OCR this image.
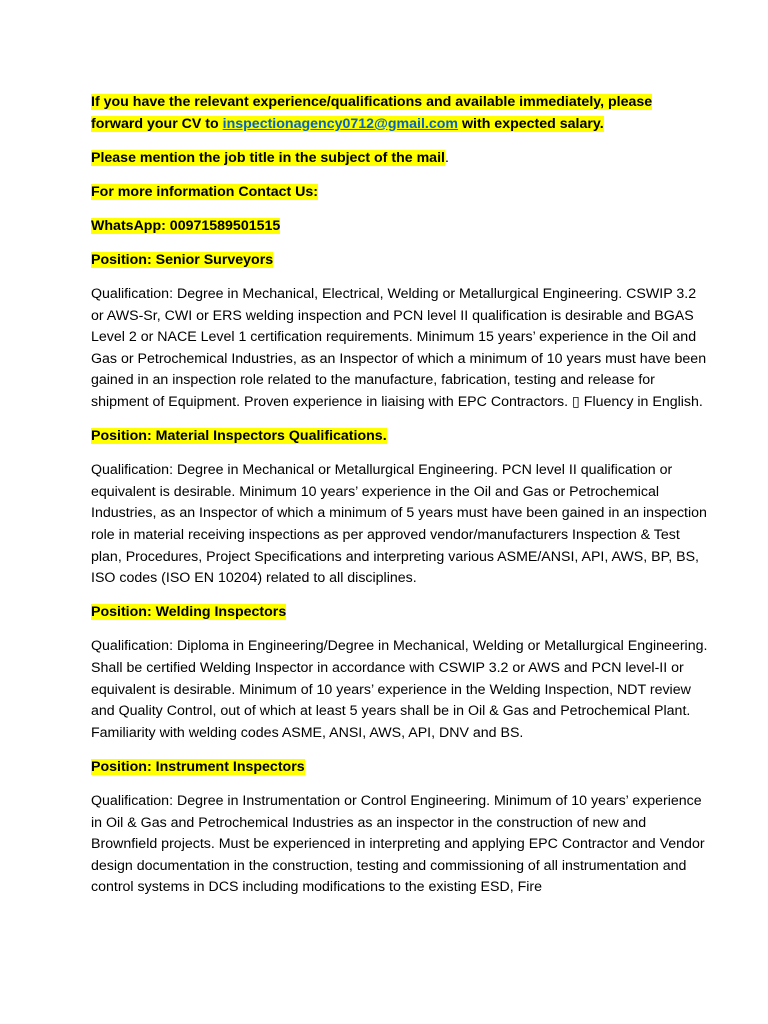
If you have the relevant experience/qualifications and available immediately, please forward your CV to inspectionagency0712@gmail.com with expected salary.
Please mention the job title in the subject of the mail.
For more information Contact Us:
WhatsApp: 00971589501515
Position: Senior Surveyors
Qualification: Degree in Mechanical, Electrical, Welding or Metallurgical Engineering. CSWIP 3.2 or AWS-Sr, CWI or ERS welding inspection and PCN level II qualification is desirable and BGAS Level 2 or NACE Level 1 certification requirements. Minimum 15 years’ experience in the Oil and Gas or Petrochemical Industries, as an Inspector of which a minimum of 10 years must have been gained in an inspection role related to the manufacture, fabrication, testing and release for shipment of Equipment. Proven experience in liaising with EPC Contractors. ▯ Fluency in English.
Position: Material Inspectors Qualifications.
Qualification: Degree in Mechanical or Metallurgical Engineering. PCN level II qualification or equivalent is desirable. Minimum 10 years’ experience in the Oil and Gas or Petrochemical Industries, as an Inspector of which a minimum of 5 years must have been gained in an inspection role in material receiving inspections as per approved vendor/manufacturers Inspection & Test plan, Procedures, Project Specifications and interpreting various ASME/ANSI, API, AWS, BP, BS, ISO codes (ISO EN 10204) related to all disciplines.
Position: Welding Inspectors
Qualification: Diploma in Engineering/Degree in Mechanical, Welding or Metallurgical Engineering. Shall be certified Welding Inspector in accordance with CSWIP 3.2 or AWS and PCN level-II or equivalent is desirable. Minimum of 10 years’ experience in the Welding Inspection, NDT review and Quality Control, out of which at least 5 years shall be in Oil & Gas and Petrochemical Plant. Familiarity with welding codes ASME, ANSI, AWS, API, DNV and BS.
Position: Instrument Inspectors
Qualification: Degree in Instrumentation or Control Engineering. Minimum of 10 years’ experience in Oil & Gas and Petrochemical Industries as an inspector in the construction of new and Brownfield projects. Must be experienced in interpreting and applying EPC Contractor and Vendor design documentation in the construction, testing and commissioning of all instrumentation and control systems in DCS including modifications to the existing ESD, Fire
